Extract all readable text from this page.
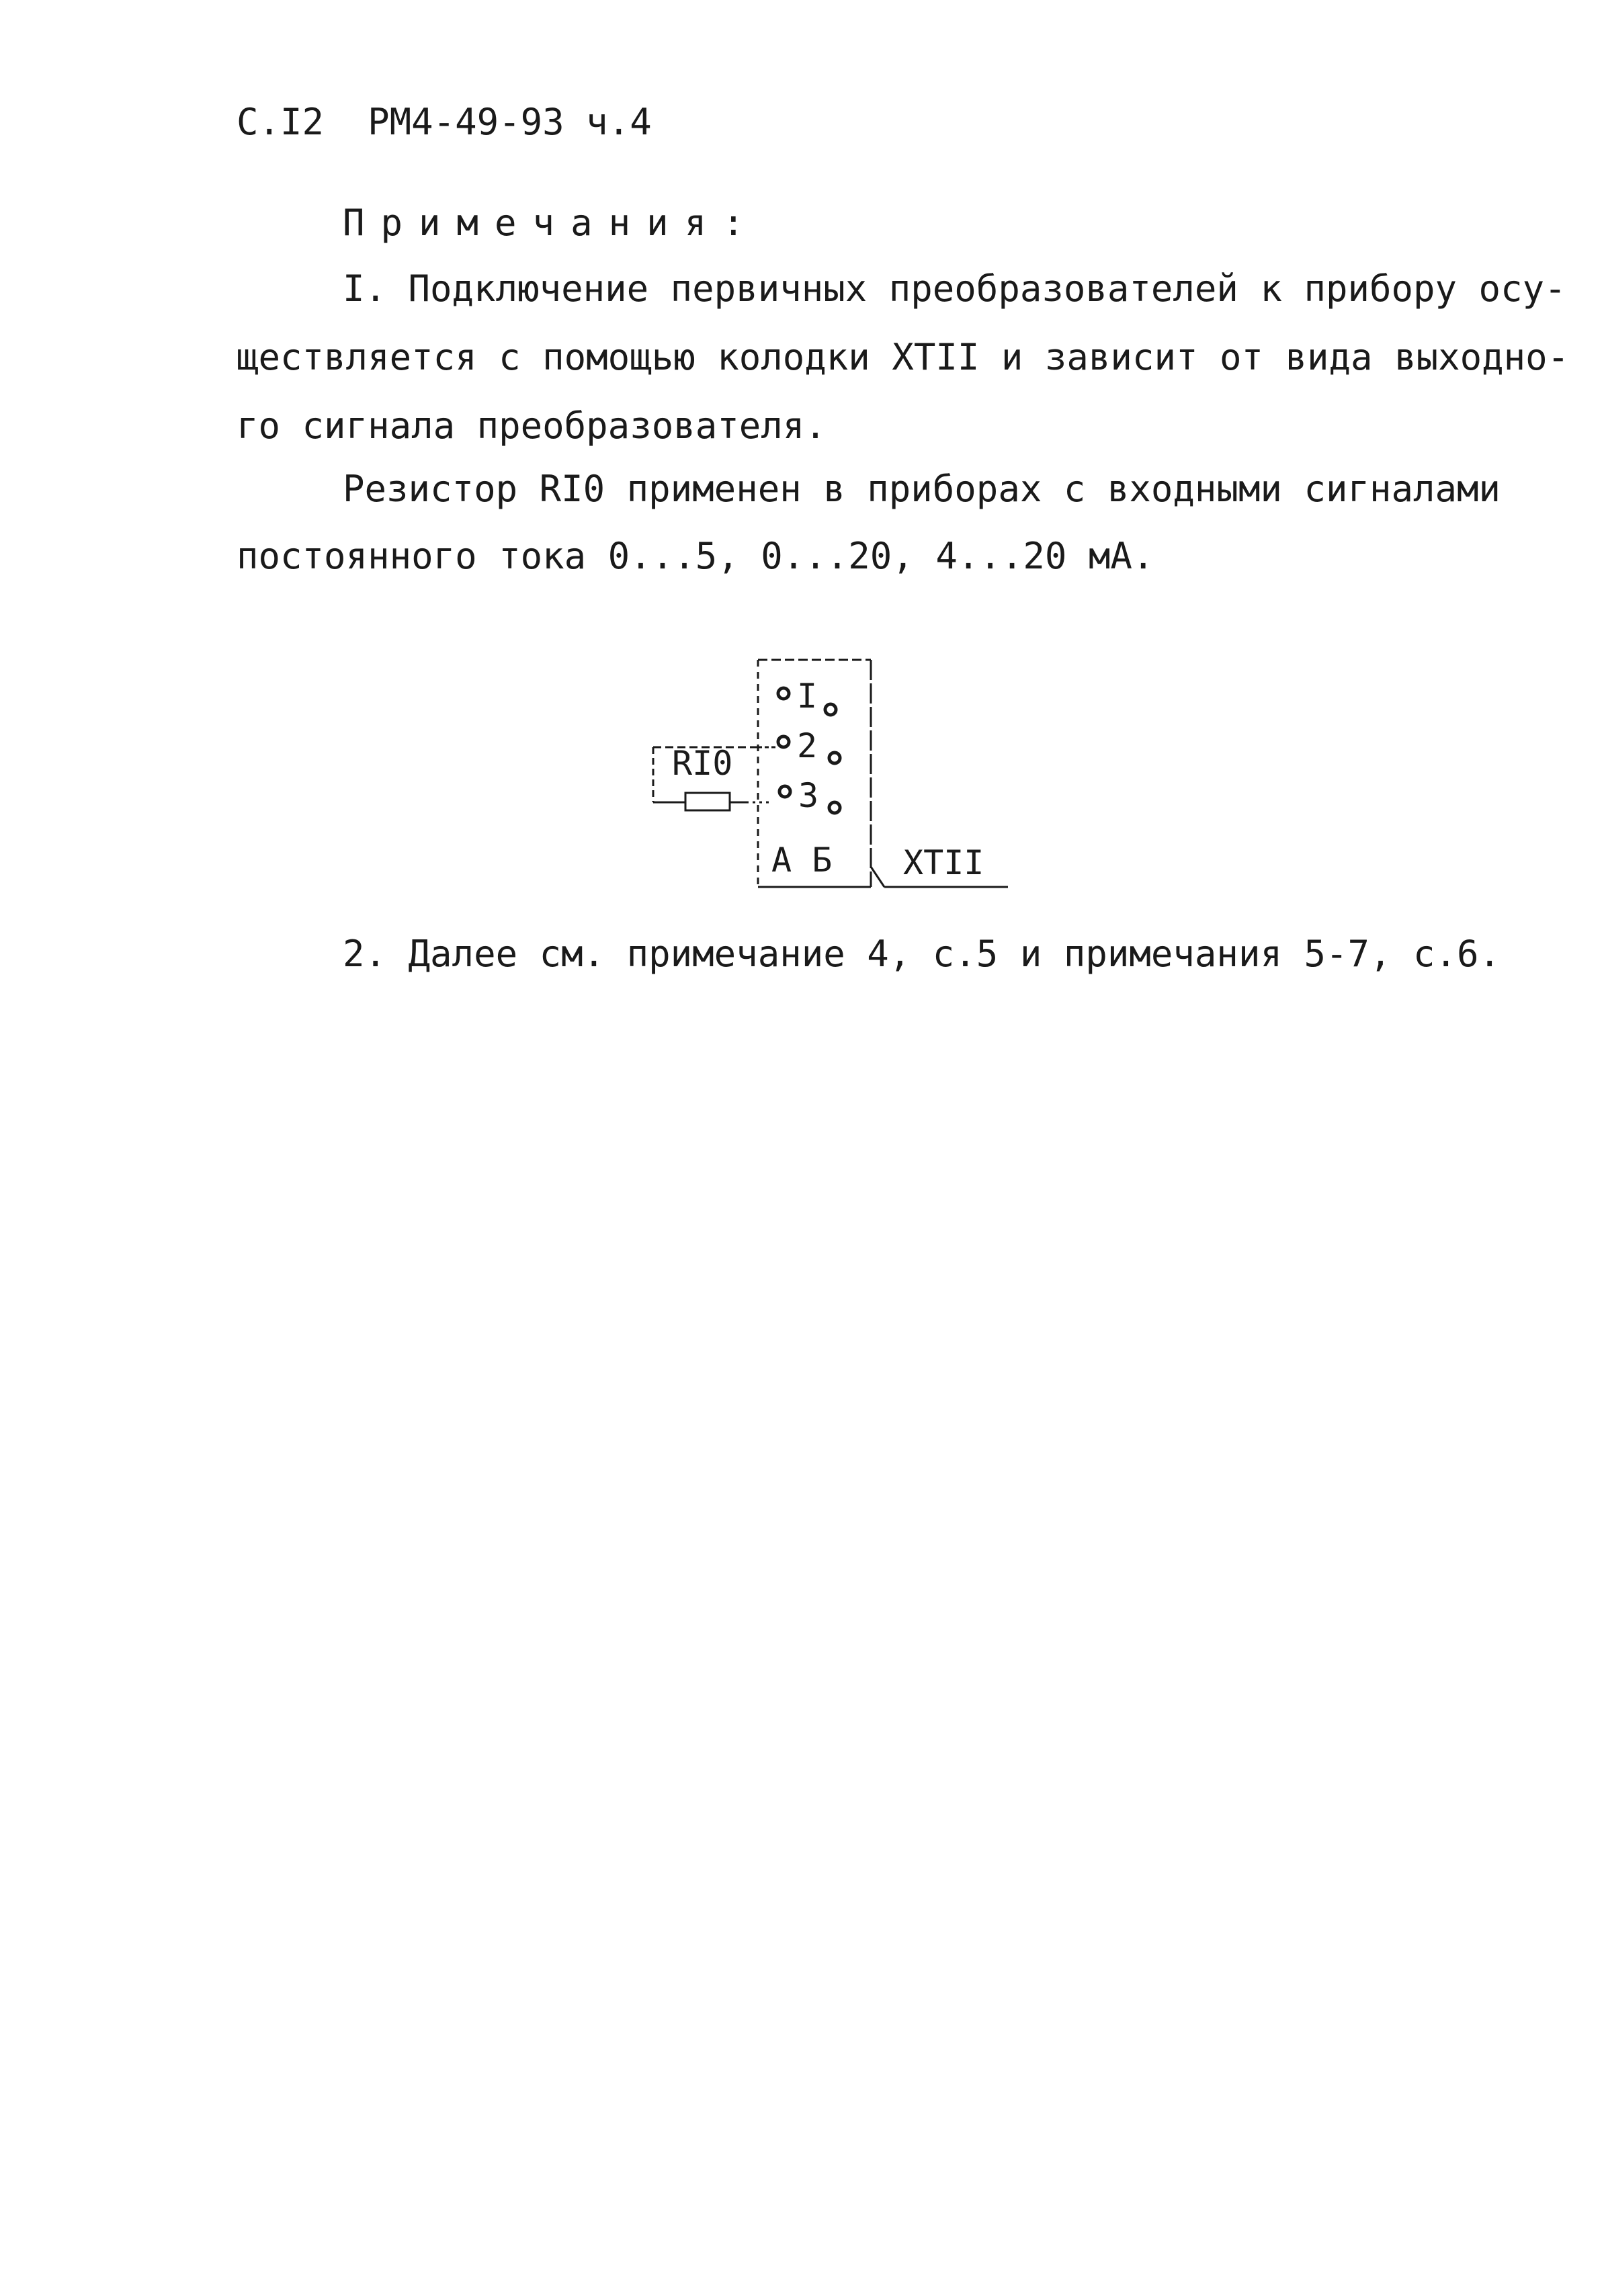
С.I2  РМ4-49-93 ч.4
Примечания:
I. Подключение первичных преобразователей к прибору осу-
ществляется с помощью колодки ХТII и зависит от вида выходно-
го сигнала преобразователя.
Резистор RI0 применен в приборах с входными сигналами
постоянного тока 0...5, 0...20, 4...20 мА.
RI0
I
2
3
А Б ХТII
2. Далее см. примечание 4, с.5 и примечания 5-7, с.6.
